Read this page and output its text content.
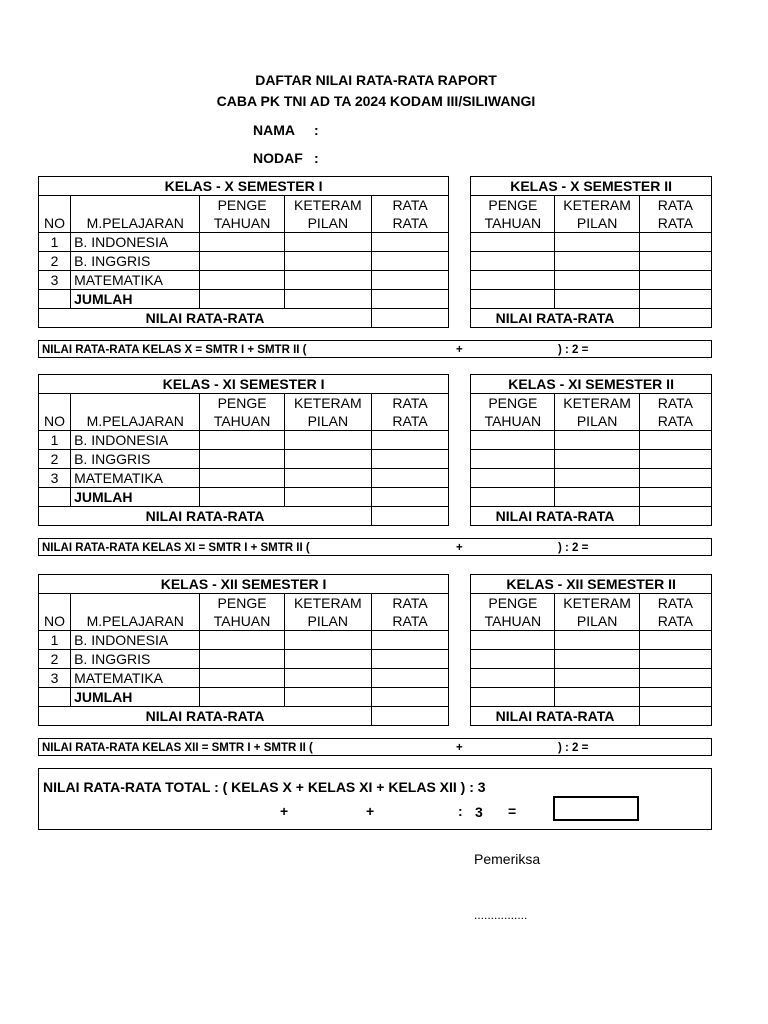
DAFTAR NILAI RATA-RATA RAPORT
CABA PK TNI AD TA 2024 KODAM III/SILIWANGI
NAMA :
NODAF :
KELAS - X SEMESTER I						KELAS - X SEMESTER II		
		PENGE	KETERAM	RATA		PENGE	KETERAM	RATA
NO	M.PELAJARAN	TAHUAN	PILAN	RATA		TAHUAN	PILAN	RATA
1	B. INDONESIA							
2	B. INGGRIS							
3	MATEMATIKA							
	JUMLAH							
NILAI RATA-RATA						NILAI RATA-RATA		
NILAI RATA-RATA KELAS X = SMTR I + SMTR II (	+	) : 2 =
KELAS - XI SEMESTER I						KELAS - XI SEMESTER II		
		PENGE	KETERAM	RATA		PENGE	KETERAM	RATA
NO	M.PELAJARAN	TAHUAN	PILAN	RATA		TAHUAN	PILAN	RATA
1	B. INDONESIA							
2	B. INGGRIS							
3	MATEMATIKA							
	JUMLAH							
NILAI RATA-RATA						NILAI RATA-RATA		
NILAI RATA-RATA KELAS XI = SMTR I + SMTR II (	+	) : 2 =
KELAS - XII SEMESTER I						KELAS - XII SEMESTER II		
		PENGE	KETERAM	RATA		PENGE	KETERAM	RATA
NO	M.PELAJARAN	TAHUAN	PILAN	RATA		TAHUAN	PILAN	RATA
1	B. INDONESIA							
2	B. INGGRIS							
3	MATEMATIKA							
	JUMLAH							
NILAI RATA-RATA						NILAI RATA-RATA		
NILAI RATA-RATA KELAS XII = SMTR I + SMTR II (	+	) : 2 =
NILAI RATA-RATA TOTAL : ( KELAS X + KELAS XI + KELAS XII ) : 3
+	+	: 3 =
Pemeriksa
................
